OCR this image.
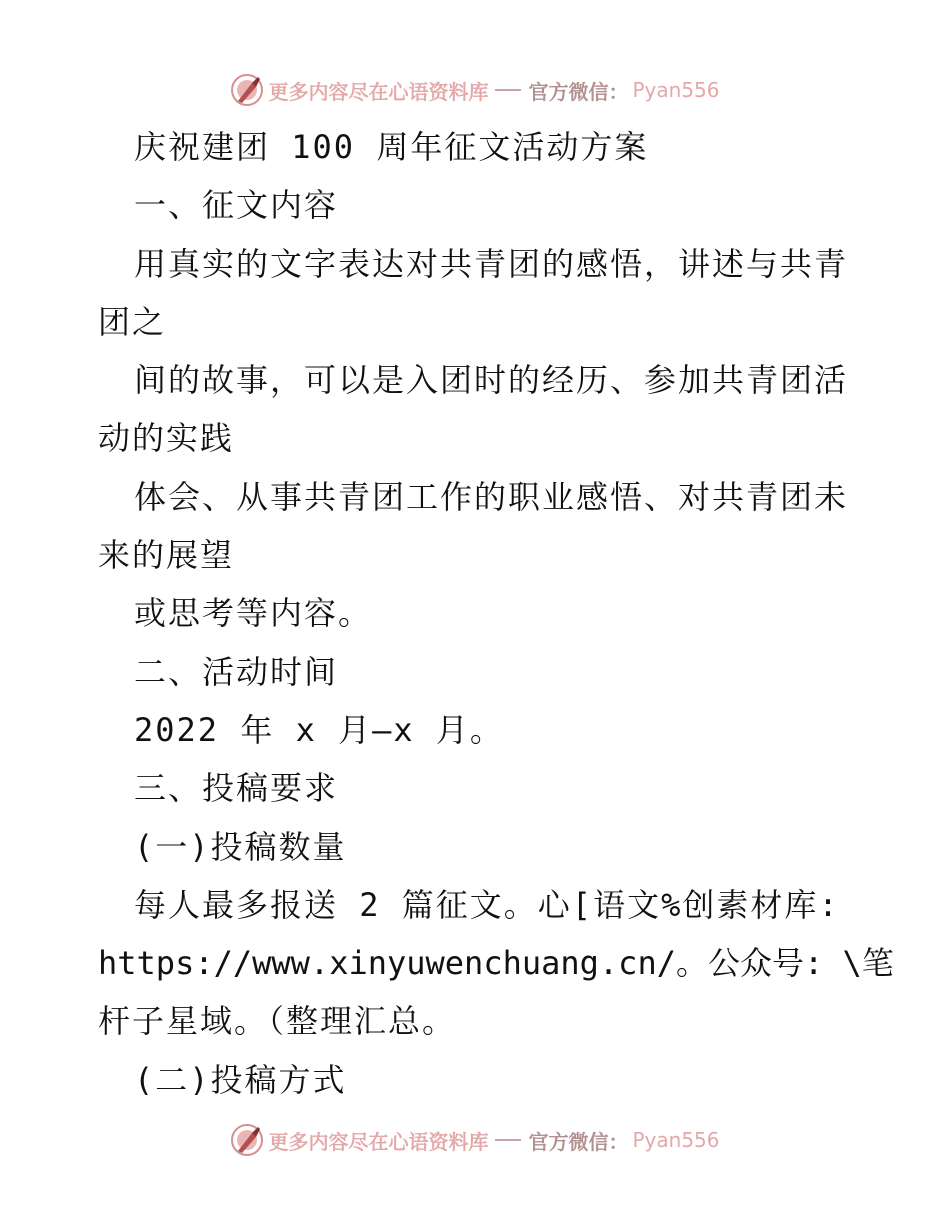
更多内容尽在心语资料库 官方微信： Pyan556
庆祝建团 100 周年征文活动方案
一、征文内容
用真实的文字表达对共青团的感悟，讲述与共青
团之
间的故事，可以是入团时的经历、参加共青团活
动的实践
体会、从事共青团工作的职业感悟、对共青团未
来的展望
或思考等内容。
二、活动时间
2022 年 x 月—x 月。
三、投稿要求
(一)投稿数量
每人最多报送 2 篇征文。心[语文%创素材库:
https://www.xinyuwenchuang.cn/。公众号: \笔
杆子星域。（整理汇总。
(二)投稿方式
更多内容尽在心语资料库 官方微信： Pyan556
